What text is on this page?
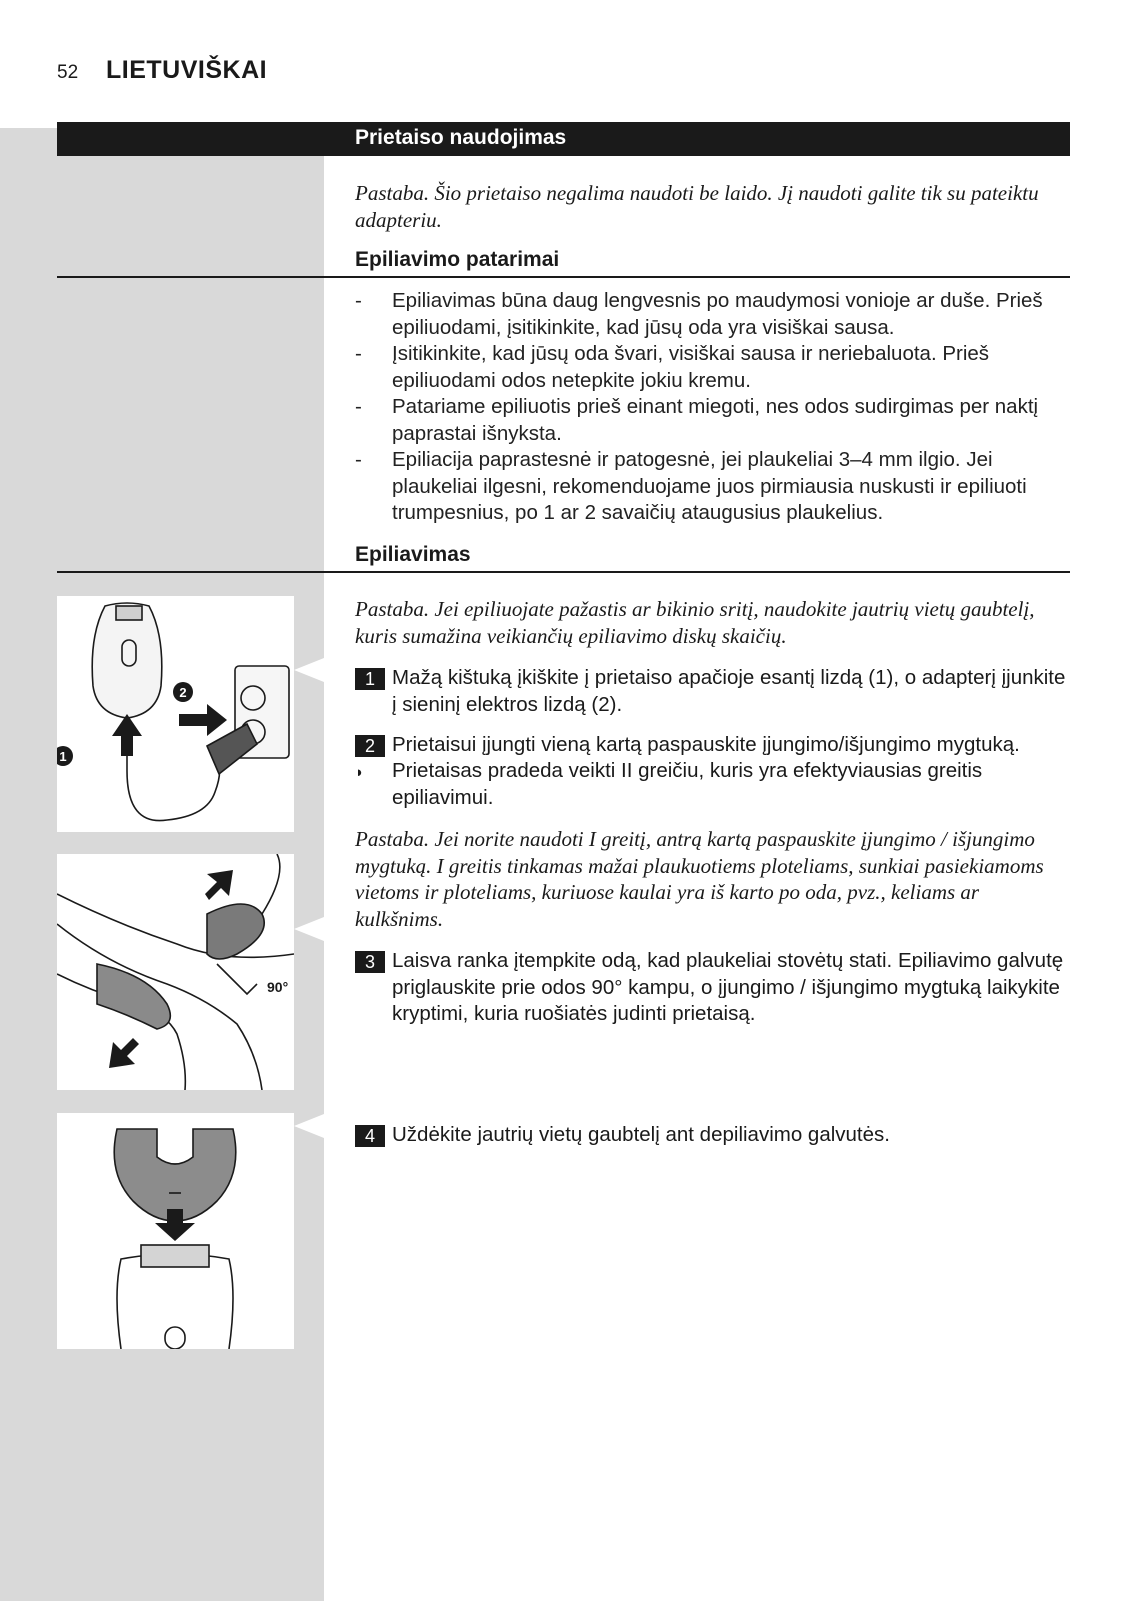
52 LIETUVIŠKAI
Prietaiso naudojimas
Pastaba. Šio prietaiso negalima naudoti be laido. Jį naudoti galite tik su pateiktu adapteriu.
Epiliavimo patarimai
- Epiliavimas būna daug lengvesnis po maudymosi vonioje ar duše. Prieš epiliuodami, įsitikinkite, kad jūsų oda yra visiškai sausa.
- Įsitikinkite, kad jūsų oda švari, visiškai sausa ir neriebaluota. Prieš epiliuodami odos netepkite jokiu kremu.
- Patariame epiliuotis prieš einant miegoti, nes odos sudirgimas per naktį paprastai išnyksta.
- Epiliacija paprastesnė ir patogesnė, jei plaukeliai 3–4 mm ilgio. Jei plaukeliai ilgesni, rekomenduojame juos pirmiausia nuskusti ir epiliuoti trumpesnius, po 1 ar 2 savaičių ataugusius plaukelius.
Epiliavimas
Pastaba. Jei epiliuojate pažastis ar bikinio sritį, naudokite jautrių vietų gaubtelį, kuris sumažina veikiančių epiliavimo diskų skaičių.
1 Mažą kištuką įkiškite į prietaiso apačioje esantį lizdą (1), o adapterį įjunkite į sieninį elektros lizdą (2).
2 Prietaisui įjungti vieną kartą paspauskite įjungimo/išjungimo mygtuką.
◗ Prietaisas pradeda veikti II greičiu, kuris yra efektyviausias greitis epiliavimui.
Pastaba. Jei norite naudoti I greitį, antrą kartą paspauskite įjungimo / išjungimo mygtuką. I greitis tinkamas mažai plaukuotiems ploteliams, sunkiai pasiekiamoms vietoms ir ploteliams, kuriuose kaulai yra iš karto po oda, pvz., keliams ar kulkšnims.
3 Laisva ranka įtempkite odą, kad plaukeliai stovėtų stati. Epiliavimo galvutę priglauskite prie odos 90° kampu, o įjungimo / išjungimo mygtuką laikykite kryptimi, kuria ruošiatės judinti prietaisą.
4 Uždėkite jautrių vietų gaubtelį ant depiliavimo galvutės.
2
1
90°
